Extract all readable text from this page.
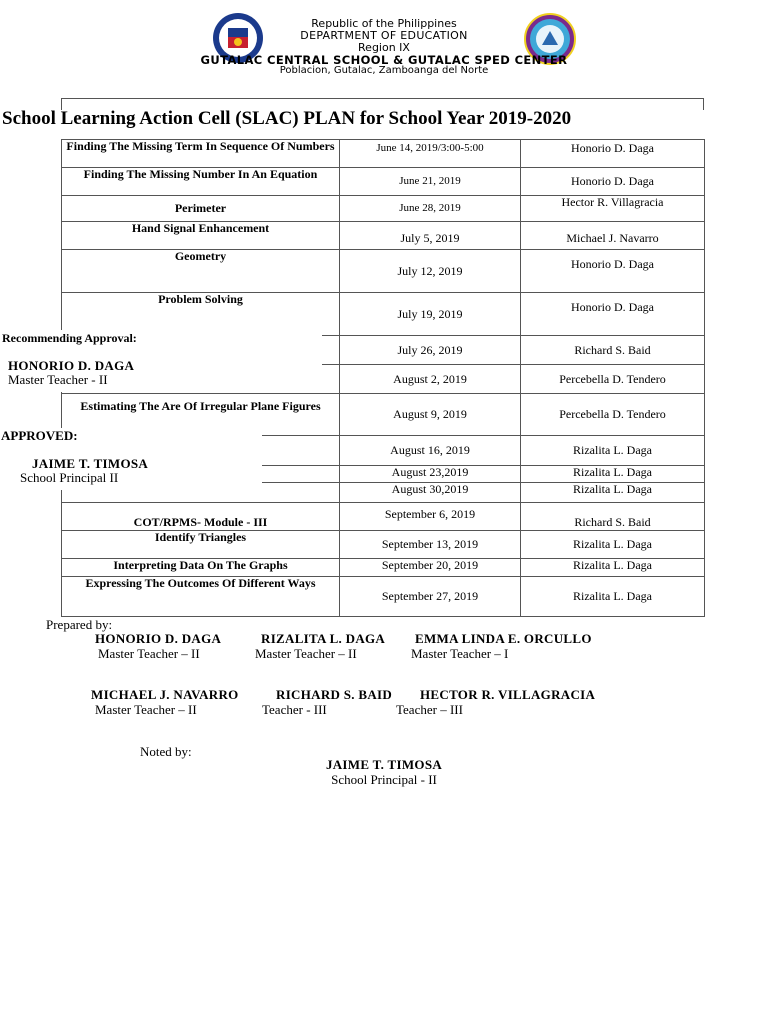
Republic of the Philippines
DEPARTMENT OF EDUCATION
Region IX
GUTALAC CENTRAL SCHOOL & GUTALAC SPED CENTER
Poblacion, Gutalac, Zamboanga del Norte
School Learning Action Cell (SLAC) PLAN for School Year 2019-2020
Finding The Missing Term In Sequence Of Numbers	June 14, 2019/3:00-5:00	Honorio D. Daga
Finding The Missing Number In An Equation	June 21, 2019	Honorio D. Daga
Perimeter	June 28, 2019	Hector R. Villagracia
Hand Signal Enhancement	July 5, 2019	Michael J. Navarro
Geometry	July 12, 2019	Honorio D. Daga
Problem Solving	July 19, 2019	Honorio D. Daga
	July 26, 2019	Richard S. Baid
	August 2, 2019	Percebella D. Tendero
Estimating The Are Of Irregular Plane Figures	August 9, 2019	Percebella D. Tendero
	August 16, 2019	Rizalita L. Daga
	August 23,2019	Rizalita L. Daga
	August 30,2019	Rizalita L. Daga
COT/RPMS- Module - III	September 6, 2019	Richard S. Baid
Identify Triangles	September 13, 2019	Rizalita L. Daga
Interpreting Data On The Graphs	September 20, 2019	Rizalita L. Daga
Expressing The Outcomes Of Different Ways	September 27, 2019	Rizalita L. Daga
Recommending Approval:
HONORIO D. DAGA
Master Teacher - II
APPROVED:
JAIME T. TIMOSA
School Principal II
Prepared by:
HONORIO D. DAGA
Master Teacher – II
RIZALITA L. DAGA
Master Teacher – II
EMMA LINDA E. ORCULLO
Master Teacher – I
MICHAEL J. NAVARRO
Master Teacher – II
RICHARD S. BAID
Teacher - III
HECTOR R. VILLAGRACIA
Teacher – III
Noted by:
JAIME T. TIMOSA
School Principal - II
